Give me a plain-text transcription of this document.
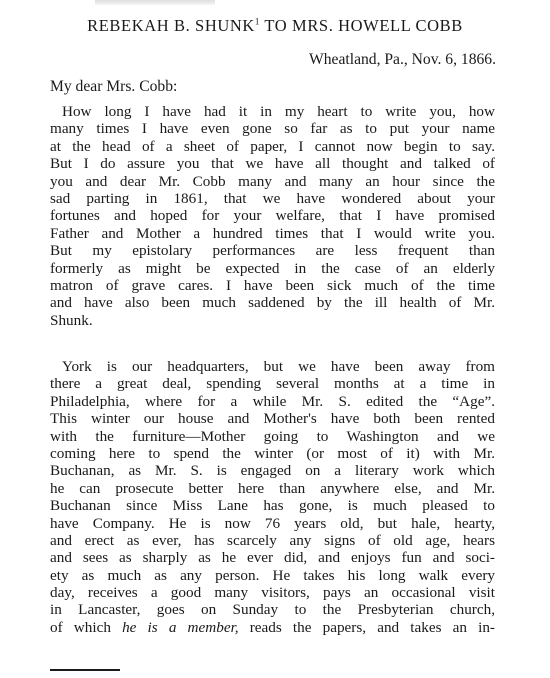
REBEKAH B. SHUNK$^1$ TO MRS. HOWELL COBB
Wheatland, Pa., Nov. 6, 1866.
My dear Mrs. Cobb:
How long I have had it in my heart to write you, how
many times I have even gone so far as to put your name
at the head of a sheet of paper, I cannot now begin to say.
But I do assure you that we have all thought and talked of
you and dear Mr. Cobb many and many an hour since the
sad parting in 1861, that we have wondered about your
fortunes and hoped for your welfare, that I have promised
Father and Mother a hundred times that I would write you.
But my epistolary performances are less frequent than
formerly as might be expected in the case of an elderly
matron of grave cares. I have been sick much of the time
and have also been much saddened by the ill health of Mr.
Shunk.
York is our headquarters, but we have been away from
there a great deal, spending several months at a time in
Philadelphia, where for a while Mr. S. edited the “Age”.
This winter our house and Mother's have both been rented
with the furniture—Mother going to Washington and we
coming here to spend the winter (or most of it) with Mr.
Buchanan, as Mr. S. is engaged on a literary work which
he can prosecute better here than anywhere else, and Mr.
Buchanan since Miss Lane has gone, is much pleased to
have Company. He is now 76 years old, but hale, hearty,
and erect as ever, has scarcely any signs of old age, hears
and sees as sharply as he ever did, and enjoys fun and soci-
ety as much as any person. He takes his long walk every
day, receives a good many visitors, pays an occasional visit
in Lancaster, goes on Sunday to the Presbyterian church,
of which he is a member, reads the papers, and takes an in-
